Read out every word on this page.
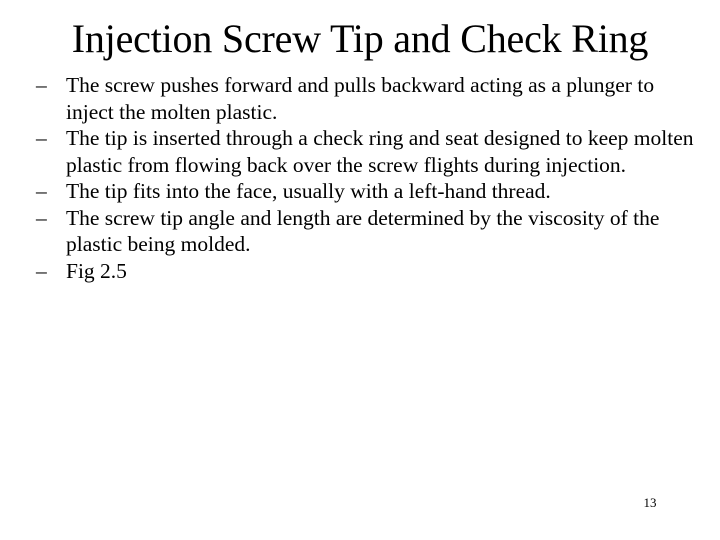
Injection Screw Tip and Check Ring
– The screw pushes forward and pulls backward acting as a plunger to inject the molten plastic.
– The tip is inserted through a check ring and seat designed to keep molten plastic from flowing back over the screw flights during injection.
– The tip fits into the face, usually with a left-hand thread.
– The screw tip angle and length are determined by the viscosity of the plastic being molded.
– Fig 2.5
13
